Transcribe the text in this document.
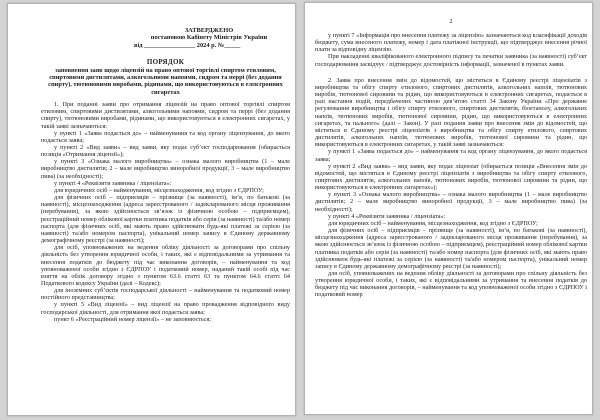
ЗАТВЕРДЖЕНО
постановою Кабінету Міністрів України
від ________________ 2024 р. №_____
ПОРЯДОК
заповнення заяв щодо ліцензій на право оптової торгівлі спиртом етиловим, спиртовими дистилятами, алкогольними напоями, сидром та перрі (без додання спирту), тютюновими виробами, рідинами, що використовуються в електронних сигаретах

1. При поданні заяви про отримання ліцензій на право оптової торгівлі спиртом етиловим, спиртовими дистилятами, алкогольними напоями, сидром та перрі (без додання спирту), тютюновими виробами, рідинами, що використовуються в електронних сигаретах, у такій заяві зазначаються:

у пункті 1 «Заява подається до» – найменування та код органу ліцензування, до якого подається заява;

у пункті 2 «Вид заяви» – вид заяви, яку подає суб’єкт господарювання (обирається позиція «Отримання ліцензії»);

у пункті 3 «Ознака малого виробництва» – ознака малого виробництва (1 – мале виробництво дистилятів; 2 – мале виробництво виноробної продукції, 3 – мале виробництво пива) (за необхідності);

у пункті 4 «Реквізити заявника / ліцензіата»:

для юридичних осіб – найменування, місцезнаходження, код згідно з ЄДРПОУ;

для фізичних осіб – підприємців – прізвище (за наявності), ім’я, по батькові (за наявності), місцезнаходження (адреса зареєстрованого / задекларованого місця проживання (перебування), за якою здійснюється зв’язок із фізичною особою – підприємцем), реєстраційний номер облікової картки платника податків або серія (за наявності) та/або номер паспорта (для фізичних осіб, які мають право здійснювати будь-які платежі за серією (за наявності) та/або номером паспорта), унікальний номер запису в Єдиному державному демографічному реєстрі (за наявності);

для осіб, уповноважених на ведення обліку діяльності за договорами про спільну діяльність без утворення юридичної особи, і таких, які є відповідальними за утримання та внесення податків до бюджету під час виконання договорів, – найменування та код уповноваженої особи згідно з ЄДРПОУ і податковий номер, наданий такій особі під час взяття на облік договору згідно з пунктом 63.6 статті 63 та пунктом 64.6 статті 64 Податкового кодексу України (далі – Кодекс);

для іноземних суб’єктів господарської діяльності – найменування та податковий номер постійного представництва;

у пункті 5 «Вид ліцензії» – вид ліцензії на право провадження відповідного виду господарської діяльності, для отримання якої подається заява;

пункт 6 «Реєстраційний номер ліцензії» – не заповнюється;

2

у пункті 7 «Інформація про внесення платежу за ліцензію» зазначаються код класифікації доходів бюджету, сума внесеного платежу, номер і дата платіжної інструкції, що підтверджує внесення річної плати за відповідну ліцензію.

При накладенні кваліфікованого електронного підпису та печатки заявника (за наявності) суб’єкт господарювання засвідчує / підтверджує достовірність інформації, зазначеної в пунктах заяви.

2. Заява про внесення змін до відомостей, що містяться в Єдиному реєстрі ліцензіатів з виробництва та обігу спирту етилового, спиртових дистилятів, алкогольних напоїв, тютюнових виробів, тютюнової сировини та рідин, що використовуються в електронних сигаретах, подається в разі настання подій, передбачених частиною дев’ятою статті 34 Закону України «Про державне регулювання виробництва і обігу спирту етилового, спиртових дистилятів, біоетанолу, алкогольних напоїв, тютюнових виробів, тютюнової сировини, рідин, що використовуються в електронних сигаретах, та пального» (далі – Закон). У разі подання заяви про внесення змін до відомостей, що містяться в Єдиному реєстрі ліцензіатів з виробництва та обігу спирту етилового, спиртових дистилятів, алкогольних напоїв, тютюнових виробів, тютюнової сировини та рідин, що використовуються в електронних сигаретах, у такій заяві зазначаються:

у пункті 1 «Заява подається до» – найменування та код органу ліцензування, до якого подається заява;

у пункті 2 «Вид заяви» – вид заяви, яку подає ліцензіат (обирається позиція «Внесення змін до відомостей, що містяться в Єдиному реєстрі ліцензіатів з виробництва та обігу спирту етилового, спиртових дистилятів, алкогольних напоїв, тютюнових виробів, тютюнової сировини та рідин, що використовуються в електронних сигаретах»);

у пункті 3 «Ознака малого виробництва» – ознака малого виробництва (1 – мале виробництво дистилятів; 2 – мале виробництво виноробної продукції, 3 – мале виробництво пива) (за необхідності);

у пункті 4 «Реквізити заявника / ліцензіата»:

для юридичних осіб – найменування, місцезнаходження, код згідно з ЄДРПОУ;

для фізичних осіб – підприємців – прізвище (за наявності), ім’я, по батькові (за наявності), місцезнаходження (адреса зареєстрованого / задекларованого місця проживання (перебування), за якою здійснюється зв’язок із фізичною особою – підприємцем), реєстраційний номер облікової картки платника податків або серія (за наявності) та/або номер паспорта (для фізичних осіб, які мають право здійснювати будь-які платежі за серією (за наявності) та/або номером паспорта), унікальний номер запису в Єдиному державному демографічному реєстрі (за наявності);

для осіб, уповноважених на ведення обліку діяльності за договорами про спільну діяльність без утворення юридичної особи, і таких, які є відповідальними за утримання та внесення податків до бюджету під час виконання договорів, – найменування та код уповноваженої особи згідно з ЄДРПОУ і податковий номер
